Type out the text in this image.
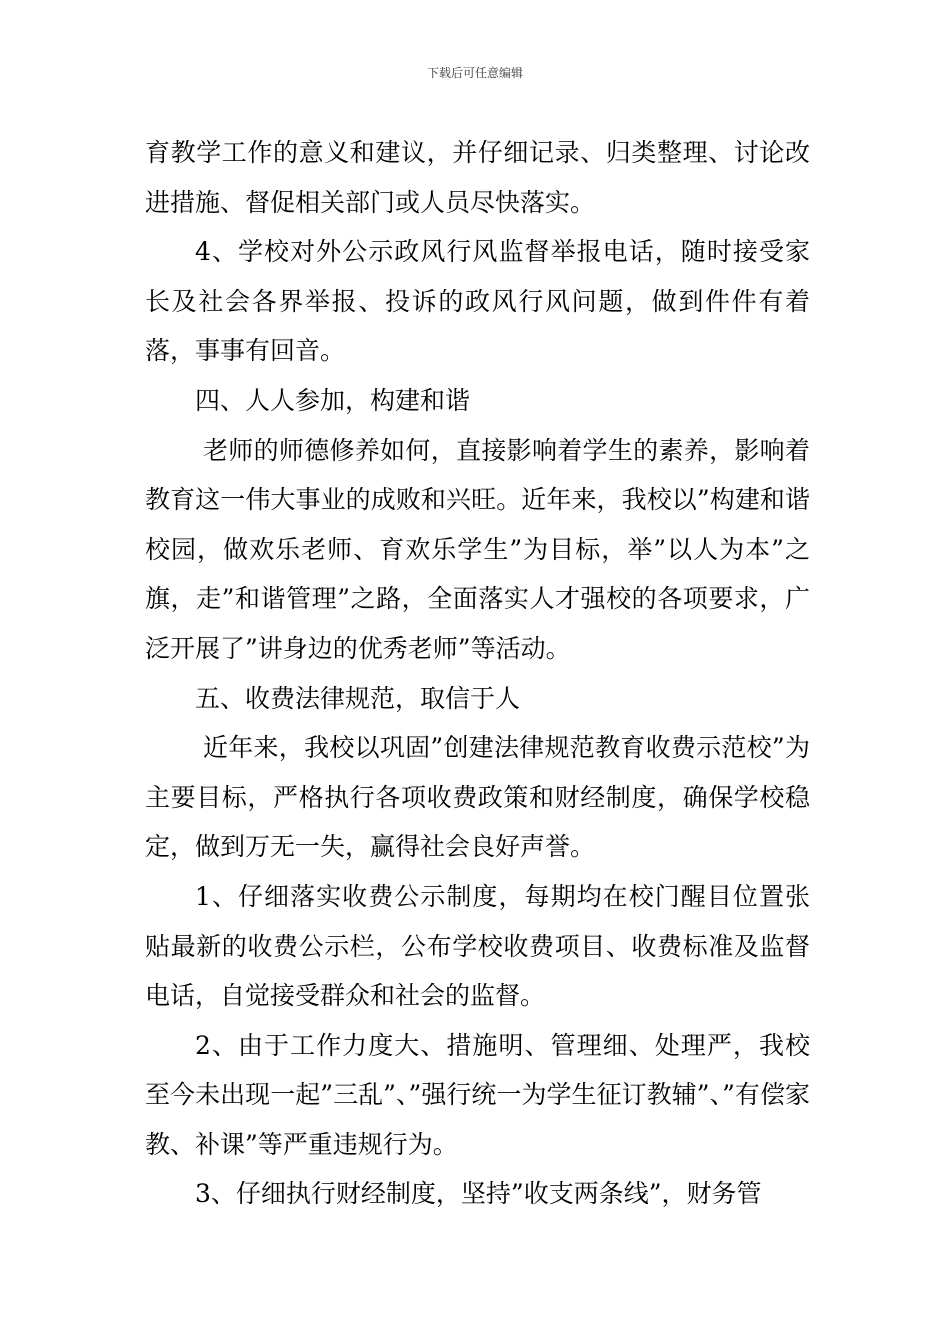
下载后可任意编辑

育教学工作的意义和建议，并仔细记录、归类整理、讨论改进措施、督促相关部门或人员尽快落实。

4、学校对外公示政风行风监督举报电话，随时接受家长及社会各界举报、投诉的政风行风问题，做到件件有着落，事事有回音。

四、人人参加，构建和谐

老师的师德修养如何，直接影响着学生的素养，影响着教育这一伟大事业的成败和兴旺。近年来，我校以”构建和谐校园，做欢乐老师、育欢乐学生”为目标，举”以人为本”之旗，走”和谐管理”之路，全面落实人才强校的各项要求，广泛开展了”讲身边的优秀老师”等活动。

五、收费法律规范，取信于人

近年来，我校以巩固”创建法律规范教育收费示范校”为主要目标，严格执行各项收费政策和财经制度，确保学校稳定，做到万无一失，赢得社会良好声誉。

1、仔细落实收费公示制度，每期均在校门醒目位置张贴最新的收费公示栏，公布学校收费项目、收费标准及监督电话，自觉接受群众和社会的监督。

2、由于工作力度大、措施明、管理细、处理严，我校至今未出现一起”三乱”、”强行统一为学生征订教辅”、”有偿家教、补课”等严重违规行为。

3、仔细执行财经制度，坚持”收支两条线”，财务管
